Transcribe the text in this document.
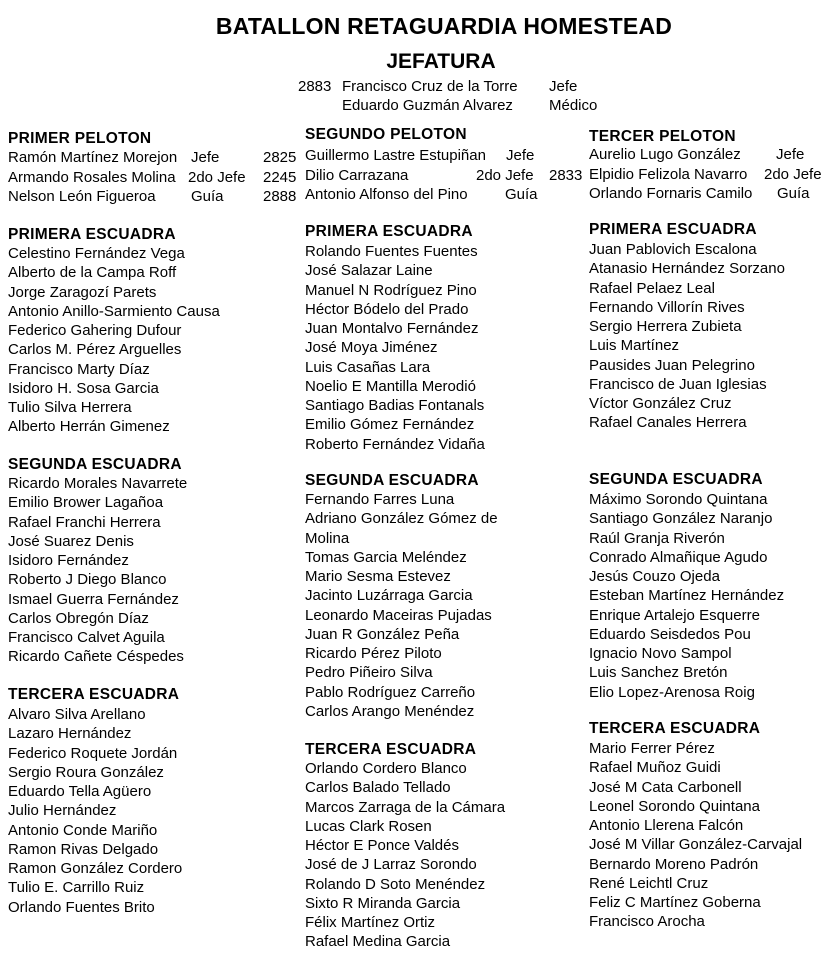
BATALLON RETAGUARDIA HOMESTEAD
JEFATURA
2883 Francisco Cruz de la Torre Jefe
Eduardo Guzmán Alvarez Médico
PRIMER PELOTON
Ramón Martínez Morejon Jefe	2825
Armando Rosales Molina 2do Jefe 2245
Nelson León Figueroa Guía	2888
SEGUNDO PELOTON
Guillermo Lastre Estupiñan Jefe
Dilio Carrazana	2do Jefe 2833
Antonio Alfonso del Pino Guía
TERCER PELOTON
Aurelio Lugo González Jefe
Elpidio Felizola Navarro 2do Jefe
Orlando Fornaris Camilo Guía
PRIMERA ESCUADRA
Celestino Fernández Vega
Alberto de la Campa Roff
Jorge Zaragozí Parets
Antonio Anillo-Sarmiento Causa
Federico Gahering Dufour
Carlos M. Pérez Arguelles
Francisco Marty Díaz
Isidoro H. Sosa Garcia
Tulio Silva Herrera
Alberto Herrán Gimenez
SEGUNDA ESCUADRA
Ricardo Morales Navarrete
Emilio Brower Lagañoa
Rafael Franchi Herrera
José Suarez Denis
Isidoro Fernández
Roberto J Diego Blanco
Ismael Guerra Fernández
Carlos Obregón Díaz
Francisco Calvet Aguila
Ricardo Cañete Céspedes
TERCERA ESCUADRA
Alvaro Silva Arellano
Lazaro Hernández
Federico Roquete Jordán
Sergio Roura González
Eduardo Tella Agüero
Julio Hernández
Antonio Conde Mariño
Ramon Rivas Delgado
Ramon González Cordero
Tulio E. Carrillo Ruiz
Orlando Fuentes Brito
PRIMERA ESCUADRA
Rolando Fuentes Fuentes
José Salazar Laine
Manuel N Rodríguez Pino
Héctor Bódelo del Prado
Juan Montalvo Fernández
José Moya Jiménez
Luis Casañas Lara
Noelio E Mantilla Merodió
Santiago Badias Fontanals
Emilio Gómez Fernández
Roberto Fernández Vidaña
SEGUNDA ESCUADRA
Fernando Farres Luna
Adriano González Gómez de
Molina
Tomas Garcia Meléndez
Mario Sesma Estevez
Jacinto Luzárraga Garcia
Leonardo Maceiras Pujadas
Juan R González Peña
Ricardo Pérez Piloto
Pedro Piñeiro Silva
Pablo Rodríguez Carreño
Carlos Arango Menéndez
TERCERA ESCUADRA
Orlando Cordero Blanco
Carlos Balado Tellado
Marcos Zarraga de la Cámara
Lucas Clark Rosen
Héctor E Ponce Valdés
José de J Larraz Sorondo
Rolando D Soto Menéndez
Sixto R Miranda Garcia
Félix Martínez Ortiz
Rafael Medina Garcia
PRIMERA ESCUADRA
Juan Pablovich Escalona
Atanasio Hernández Sorzano
Rafael Pelaez Leal
Fernando Villorín Rives
Sergio Herrera Zubieta
Luis Martínez
Pausides Juan Pelegrino
Francisco de Juan Iglesias
Víctor González Cruz
Rafael Canales Herrera
SEGUNDA ESCUADRA
Máximo Sorondo Quintana
Santiago González Naranjo
Raúl Granja Riverón
Conrado Almañique Agudo
Jesús Couzo Ojeda
Esteban Martínez Hernández
Enrique Artalejo Esquerre
Eduardo Seisdedos Pou
Ignacio Novo Sampol
Luis Sanchez Bretón
Elio Lopez-Arenosa Roig
TERCERA ESCUADRA
Mario Ferrer Pérez
Rafael Muñoz Guidi
José M Cata Carbonell
Leonel Sorondo Quintana
Antonio Llerena Falcón
José M Villar González-Carvajal
Bernardo Moreno Padrón
René Leichtl Cruz
Feliz C Martínez Goberna
Francisco Arocha
